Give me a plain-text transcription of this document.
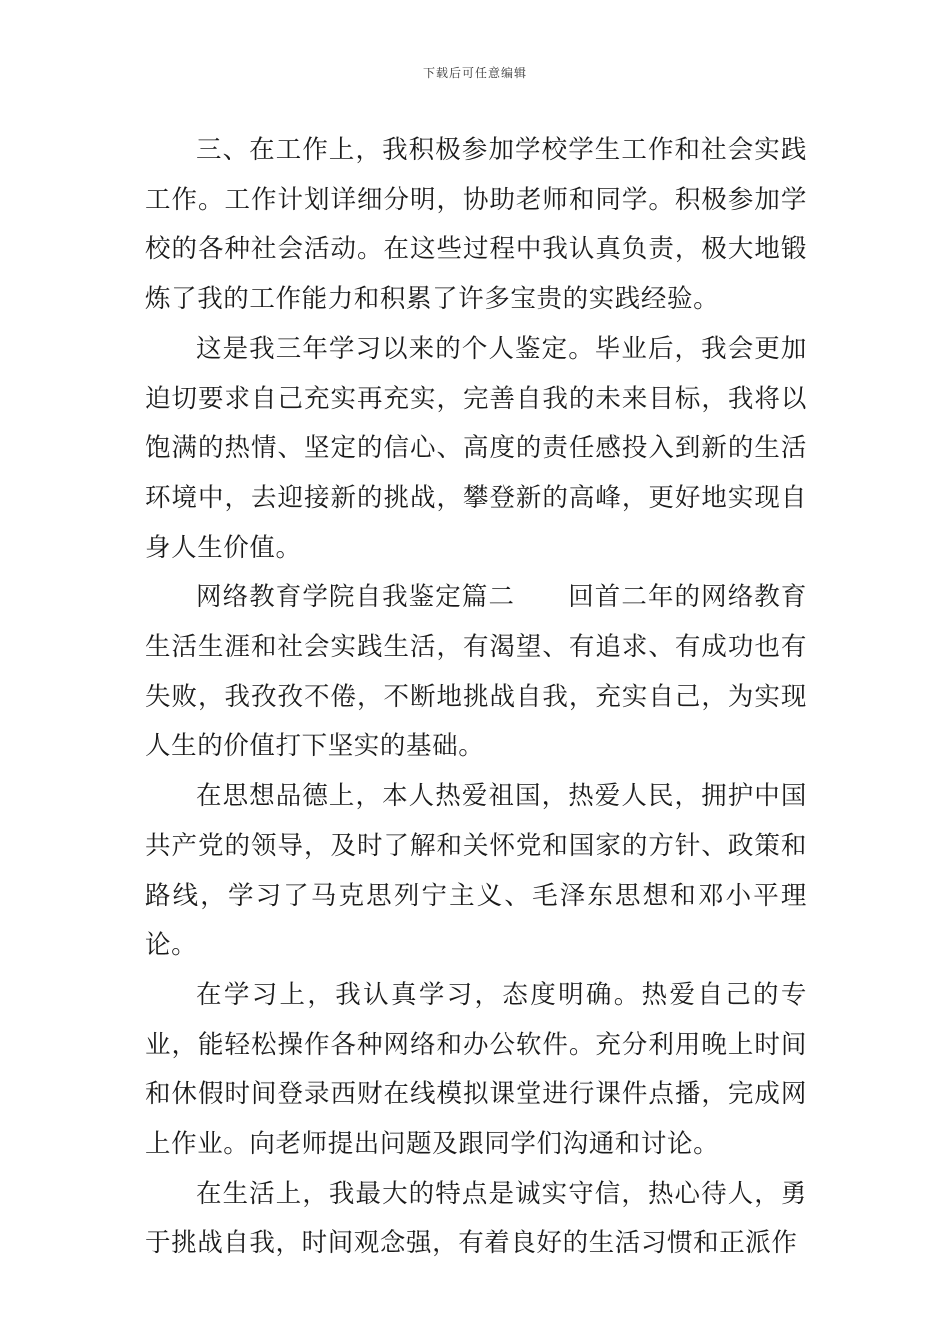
下载后可任意编辑

三、在工作上，我积极参加学校学生工作和社会实践工作。工作计划详细分明，协助老师和同学。积极参加学校的各种社会活动。在这些过程中我认真负责，极大地锻炼了我的工作能力和积累了许多宝贵的实践经验。

这是我三年学习以来的个人鉴定。毕业后，我会更加迫切要求自己充实再充实，完善自我的未来目标，我将以饱满的热情、坚定的信心、高度的责任感投入到新的生活环境中，去迎接新的挑战，攀登新的高峰，更好地实现自身人生价值。

网络教育学院自我鉴定篇二　　回首二年的网络教育生活生涯和社会实践生活，有渴望、有追求、有成功也有失败，我孜孜不倦，不断地挑战自我，充实自己，为实现人生的价值打下坚实的基础。

在思想品德上，本人热爱祖国，热爱人民，拥护中国共产党的领导，及时了解和关怀党和国家的方针、政策和路线，学习了马克思列宁主义、毛泽东思想和邓小平理论。

在学习上，我认真学习，态度明确。热爱自己的专业，能轻松操作各种网络和办公软件。充分利用晚上时间和休假时间登录西财在线模拟课堂进行课件点播，完成网上作业。向老师提出问题及跟同学们沟通和讨论。

在生活上，我最大的特点是诚实守信，热心待人，勇于挑战自我，时间观念强，有着良好的生活习惯和正派作
